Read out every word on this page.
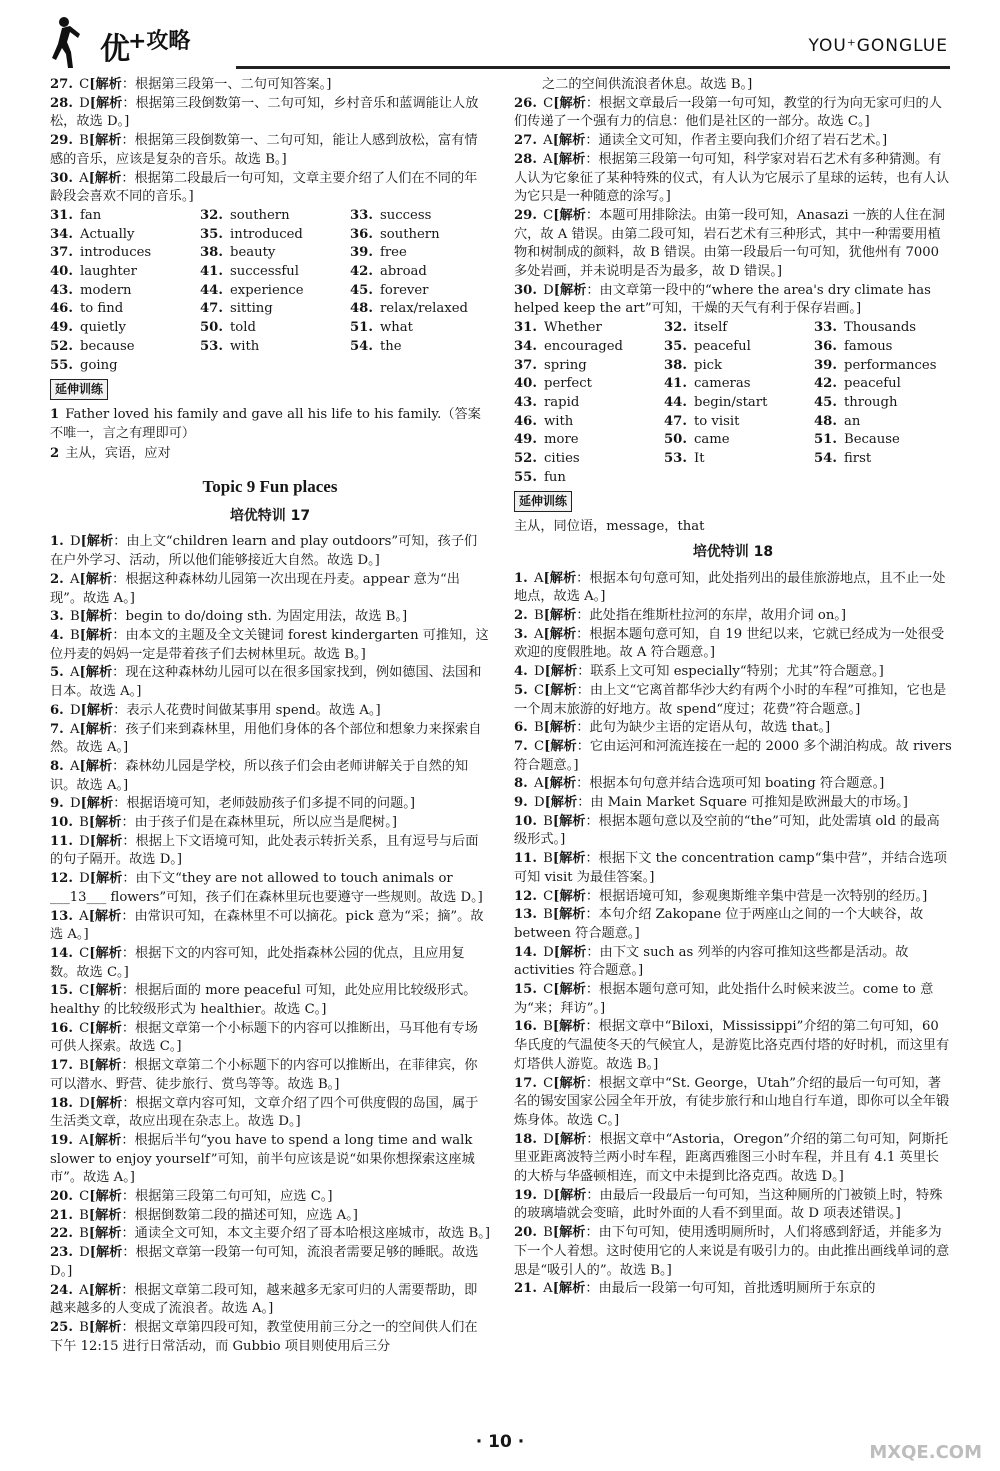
优
+攻略	YOU⁺GONGLUE
27. C[解析：根据第三段第一、二句可知答案。]
28. D[解析：根据第三段倒数第一、二句可知，乡村音乐和蓝调能让人放松，故选 D。]
29. B[解析：根据第三段倒数第一、二句可知，能让人感到放松，富有情感的音乐，应该是复杂的音乐。故选 B。]
30. A[解析：根据第二段最后一句可知，文章主要介绍了人们在不同的年龄段会喜欢不同的音乐。]
31. fan	32. southern	33. success
34. Actually	35. introduced	36. southern
37. introduces	38. beauty	39. free
40. laughter	41. successful	42. abroad
43. modern	44. experience	45. forever
46. to find	47. sitting	48. relax/relaxed
49. quietly	50. told	51. what
52. because	53. with	54. the
55. going
延伸训练
1 Father loved his family and gave all his life to his family.（答案不唯一，言之有理即可）
2 主从，宾语，应对
Topic 9 Fun places
培优特训 17
1. D[解析：由上文“children learn and play outdoors”可知，孩子们在户外学习、活动，所以他们能够接近大自然。故选 D。]
2. A[解析：根据这种森林幼儿园第一次出现在丹麦。appear 意为“出现”。故选 A。]
3. B[解析：begin to do/doing sth. 为固定用法，故选 B。]
4. B[解析：由本文的主题及全文关键词 forest kindergarten 可推知，这位丹麦的妈妈一定是带着孩子们去树林里玩。故选 B。]
5. A[解析：现在这种森林幼儿园可以在很多国家找到，例如德国、法国和日本。故选 A。]
6. D[解析：表示人花费时间做某事用 spend。故选 A。]
7. A[解析：孩子们来到森林里，用他们身体的各个部位和想象力来探索自然。故选 A。]
8. A[解析：森林幼儿园是学校，所以孩子们会由老师讲解关于自然的知识。故选 A。]
9. D[解析：根据语境可知，老师鼓励孩子们多提不同的问题。]
10. B[解析：由于孩子们是在森林里玩，所以应当是爬树。]
11. D[解析：根据上下文语境可知，此处表示转折关系，且有逗号与后面的句子隔开。故选 D。]
12. D[解析：由下文“they are not allowed to touch animals or ___13___ flowers”可知，孩子们在森林里玩也要遵守一些规则。故选 D。]
13. A[解析：由常识可知，在森林里不可以摘花。pick 意为“采；摘”。故选 A。]
14. C[解析：根据下文的内容可知，此处指森林公园的优点，且应用复数。故选 C。]
15. C[解析：根据后面的 more peaceful 可知，此处应用比较级形式。healthy 的比较级形式为 healthier。故选 C。]
16. C[解析：根据文章第一个小标题下的内容可以推断出，马耳他有专场可供人探索。故选 C。]
17. B[解析：根据文章第二个小标题下的内容可以推断出，在菲律宾，你可以潜水、野营、徒步旅行、赏鸟等等。故选 B。]
18. D[解析：根据文章内容可知，文章介绍了四个可供度假的岛国，属于生活类文章，故应出现在杂志上。故选 D。]
19. A[解析：根据后半句“you have to spend a long time and walk slower to enjoy yourself”可知，前半句应该是说“如果你想探索这座城市”。故选 A。]
20. C[解析：根据第三段第二句可知，应选 C。]
21. B[解析：根据倒数第二段的描述可知，应选 A。]
22. B[解析：通读全文可知，本文主要介绍了哥本哈根这座城市，故选 B。]
23. D[解析：根据文章第一段第一句可知，流浪者需要足够的睡眠。故选 D。]
24. A[解析：根据文章第二段可知，越来越多无家可归的人需要帮助，即越来越多的人变成了流浪者。故选 A。]
25. B[解析：根据文章第四段可知，教堂使用前三分之一的空间供人们在下午 12:15 进行日常活动，而 Gubbio 项目则使用后三分
之二的空间供流浪者休息。故选 B。]
26. C[解析：根据文章最后一段第一句可知，教堂的行为向无家可归的人们传递了一个强有力的信息：他们是社区的一部分。故选 C。]
27. A[解析：通读全文可知，作者主要向我们介绍了岩石艺术。]
28. A[解析：根据第三段第一句可知，科学家对岩石艺术有多种猜测。有人认为它象征了某种特殊的仪式，有人认为它展示了星球的运转，也有人认为它只是一种随意的涂写。]
29. C[解析：本题可用排除法。由第一段可知，Anasazi 一族的人住在洞穴，故 A 错误。由第二段可知，岩石艺术有三种形式，其中一种需要用植物和树制成的颜料，故 B 错误。由第一段最后一句可知，犹他州有 7000 多处岩画，并未说明是否为最多，故 D 错误。]
30. D[解析：由文章第一段中的“where the area's dry climate has helped keep the art”可知，干燥的天气有利于保存岩画。]
31. Whether	32. itself	33. Thousands
34. encouraged	35. peaceful	36. famous
37. spring	38. pick	39. performances
40. perfect	41. cameras	42. peaceful
43. rapid	44. begin/start	45. through
46. with	47. to visit	48. an
49. more	50. came	51. Because
52. cities	53. It	54. first
55. fun
延伸训练
主从，同位语，message，that
培优特训 18
1. A[解析：根据本句句意可知，此处指列出的最佳旅游地点，且不止一处地点，故选 A。]
2. B[解析：此处指在维斯杜拉河的东岸，故用介词 on。]
3. A[解析：根据本题句意可知，自 19 世纪以来，它就已经成为一处很受欢迎的度假胜地。故 A 符合题意。]
4. D[解析：联系上文可知 especially“特别；尤其”符合题意。]
5. C[解析：由上文“它离首都华沙大约有两个小时的车程”可推知，它也是一个周末旅游的好地方。故 spend“度过；花费”符合题意。]
6. B[解析：此句为缺少主语的定语从句，故选 that。]
7. C[解析：它由运河和河流连接在一起的 2000 多个湖泊构成。故 rivers 符合题意。]
8. A[解析：根据本句句意并结合选项可知 boating 符合题意。]
9. D[解析：由 Main Market Square 可推知是欧洲最大的市场。]
10. B[解析：根据本题句意以及空前的“the”可知，此处需填 old 的最高级形式。]
11. B[解析：根据下文 the concentration camp“集中营”，并结合选项可知 visit 为最佳答案。]
12. C[解析：根据语境可知，参观奥斯维辛集中营是一次特别的经历。]
13. B[解析：本句介绍 Zakopane 位于两座山之间的一个大峡谷，故 between 符合题意。]
14. D[解析：由下文 such as 列举的内容可推知这些都是活动。故 activities 符合题意。]
15. C[解析：根据本题句意可知，此处指什么时候来波兰。come to 意为“来；拜访”。]
16. B[解析：根据文章中“Biloxi，Mississippi”介绍的第二句可知，60 华氏度的气温使冬天的气候宜人，是游览比洛克西付塔的好时机，而这里有灯塔供人游览。故选 B。]
17. C[解析：根据文章中“St. George，Utah”介绍的最后一句可知，著名的锡安国家公园全年开放，有徒步旅行和山地自行车道，即你可以全年锻炼身体。故选 C。]
18. D[解析：根据文章中“Astoria，Oregon”介绍的第二句可知，阿斯托里亚距离波特兰两小时车程，距离西雅图三小时车程，并且有 4.1 英里长的大桥与华盛顿相连，而文中未提到比洛克西。故选 D。]
19. D[解析：由最后一段最后一句可知，当这种厕所的门被锁上时，特殊的玻璃墙就会变暗，此时外面的人看不到里面。故 D 项表述错误。]
20. B[解析：由下句可知，使用透明厕所时，人们将感到舒适，并能多为下一个人着想。这时使用它的人来说是有吸引力的。由此推出画线单词的意思是“吸引人的”。故选 B。]
21. A[解析：由最后一段第一句可知，首批透明厕所于东京的
· 10 ·	MXQE.COM
